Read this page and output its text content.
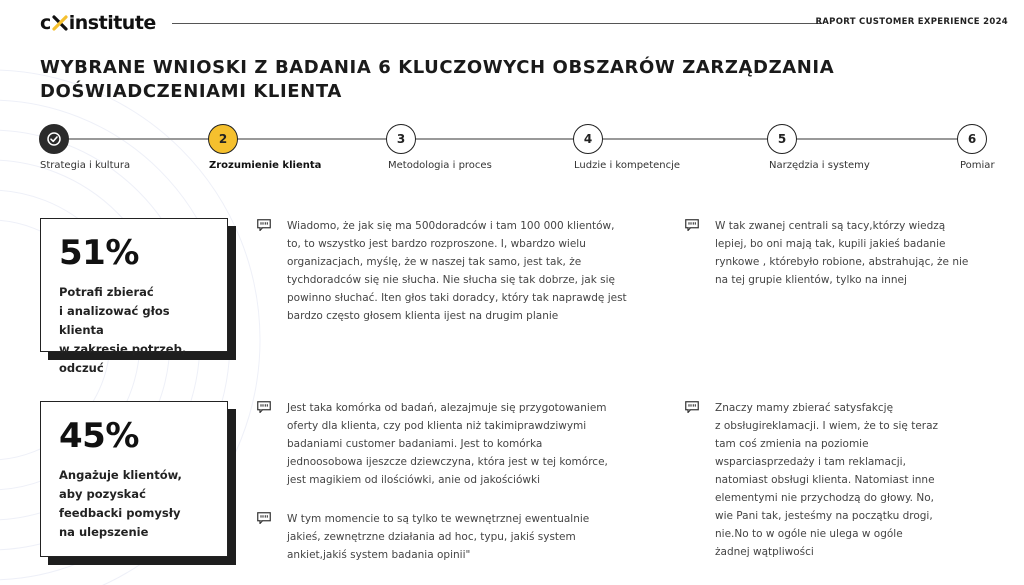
c institute	RAPORT CUSTOMER EXPERIENCE 2024
WYBRANE WNIOSKI Z BADANIA 6 KLUCZOWYCH OBSZARÓW ZARZĄDZANIA
DOŚWIADCZENIAMI KLIENTA
2	3	4	5	6
Strategia i kultura	Zrozumienie klienta	Metodologia i proces	Ludzie i kompetencje	Narzędzia i systemy	Pomiar
51%
Potrafi zbierać
i analizować głos klienta
w zakresie potrzeb, odczuć
45%
Angażuje klientów,
aby pozyskać
feedbacki pomysły
na ulepszenie
Wiadomo, że jak się ma 500doradców i tam 100 000 klientów,
to, to wszystko jest bardzo rozproszone. I, wbardzo wielu
organizacjach, myślę, że w naszej tak samo, jest tak, że
tychdoradców się nie słucha. Nie słucha się tak dobrze, jak się
powinno słuchać. Iten głos taki doradcy, który tak naprawdę jest
bardzo często głosem klienta ijest na drugim planie
W tak zwanej centrali są tacy,którzy wiedzą
lepiej, bo oni mają tak, kupili jakieś badanie
rynkowe , którebyło robione, abstrahując, że nie
na tej grupie klientów, tylko na innej
Jest taka komórka od badań, alezajmuje się przygotowaniem
oferty dla klienta, czy pod klienta niż takimiprawdziwymi
badaniami customer badaniami. Jest to komórka
jednoosobowa ijeszcze dziewczyna, która jest w tej komórce,
jest magikiem od ilościówki, anie od jakościówki
W tym momencie to są tylko te wewnętrznej ewentualnie
jakieś, zewnętrzne działania ad hoc, typu, jakiś system
ankiet,jakiś system badania opinii"
Znaczy mamy zbierać satysfakcję
z obsługireklamacji. I wiem, że to się teraz
tam coś zmienia na poziomie
wsparciasprzedaży i tam reklamacji,
natomiast obsługi klienta. Natomiast inne
elementymi nie przychodzą do głowy. No,
wie Pani tak, jesteśmy na początku drogi,
nie.No to w ogóle nie ulega w ogóle
żadnej wątpliwości
